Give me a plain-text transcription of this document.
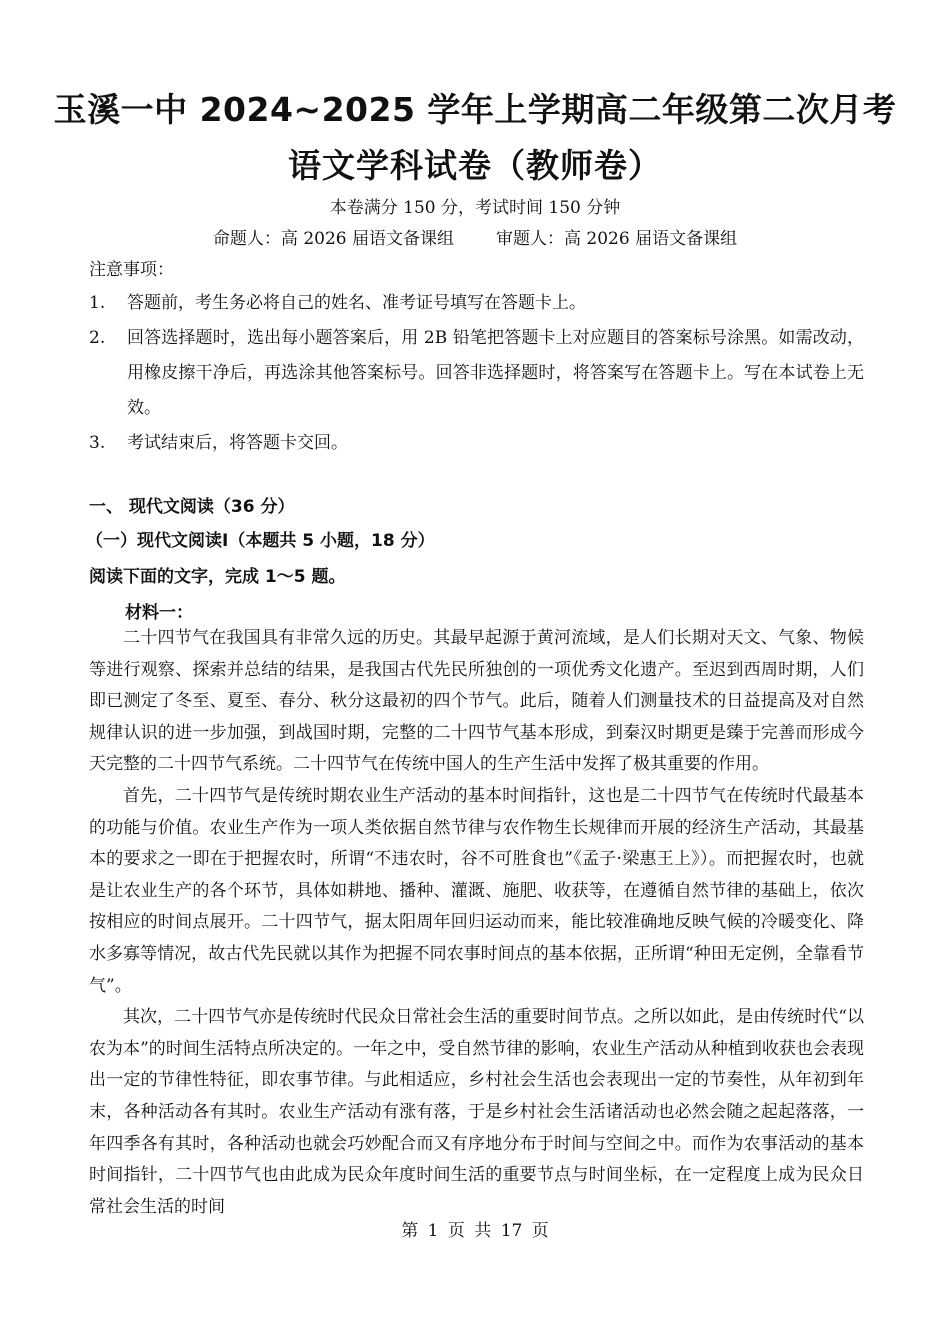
玉溪一中 2024~2025 学年上学期高二年级第二次月考
语文学科试卷（教师卷）
本卷满分 150 分，考试时间 150 分钟
命题人：高 2026 届语文备课组 审题人：高 2026 届语文备课组
注意事项：
1. 答题前，考生务必将自己的姓名、准考证号填写在答题卡上。
2. 回答选择题时，选出每小题答案后，用 2B 铅笔把答题卡上对应题目的答案标号涂黑。如需改动，用橡皮擦干净后，再选涂其他答案标号。回答非选择题时，将答案写在答题卡上。写在本试卷上无效。
3. 考试结束后，将答题卡交回。
一、 现代文阅读（36 分）
（一）现代文阅读Ⅰ（本题共 5 小题，18 分）
阅读下面的文字，完成 1～5 题。
材料一：

二十四节气在我国具有非常久远的历史。其最早起源于黄河流域，是人们长期对天文、气象、物候等进行观察、探索并总结的结果，是我国古代先民所独创的一项优秀文化遗产。至迟到西周时期，人们即已测定了冬至、夏至、春分、秋分这最初的四个节气。此后，随着人们测量技术的日益提高及对自然规律认识的进一步加强，到战国时期，完整的二十四节气基本形成，到秦汉时期更是臻于完善而形成今天完整的二十四节气系统。二十四节气在传统中国人的生产生活中发挥了极其重要的作用。

首先，二十四节气是传统时期农业生产活动的基本时间指针，这也是二十四节气在传统时代最基本的功能与价值。农业生产作为一项人类依据自然节律与农作物生长规律而开展的经济生产活动，其最基本的要求之一即在于把握农时，所谓“不违农时，谷不可胜食也”《孟子·梁惠王上》）。而把握农时，也就是让农业生产的各个环节，具体如耕地、播种、灌溉、施肥、收获等，在遵循自然节律的基础上，依次按相应的时间点展开。二十四节气，据太阳周年回归运动而来，能比较准确地反映气候的冷暖变化、降水多寡等情况，故古代先民就以其作为把握不同农事时间点的基本依据，正所谓“种田无定例，全靠看节气”。

其次，二十四节气亦是传统时代民众日常社会生活的重要时间节点。之所以如此，是由传统时代“以农为本”的时间生活特点所决定的。一年之中，受自然节律的影响，农业生产活动从种植到收获也会表现出一定的节律性特征，即农事节律。与此相适应，乡村社会生活也会表现出一定的节奏性，从年初到年末，各种活动各有其时。农业生产活动有涨有落，于是乡村社会生活诸活动也必然会随之起起落落，一年四季各有其时，各种活动也就会巧妙配合而又有序地分布于时间与空间之中。而作为农事活动的基本时间指针，二十四节气也由此成为民众年度时间生活的重要节点与时间坐标，在一定程度上成为民众日常社会生活的时间

第 1 页 共 17 页
